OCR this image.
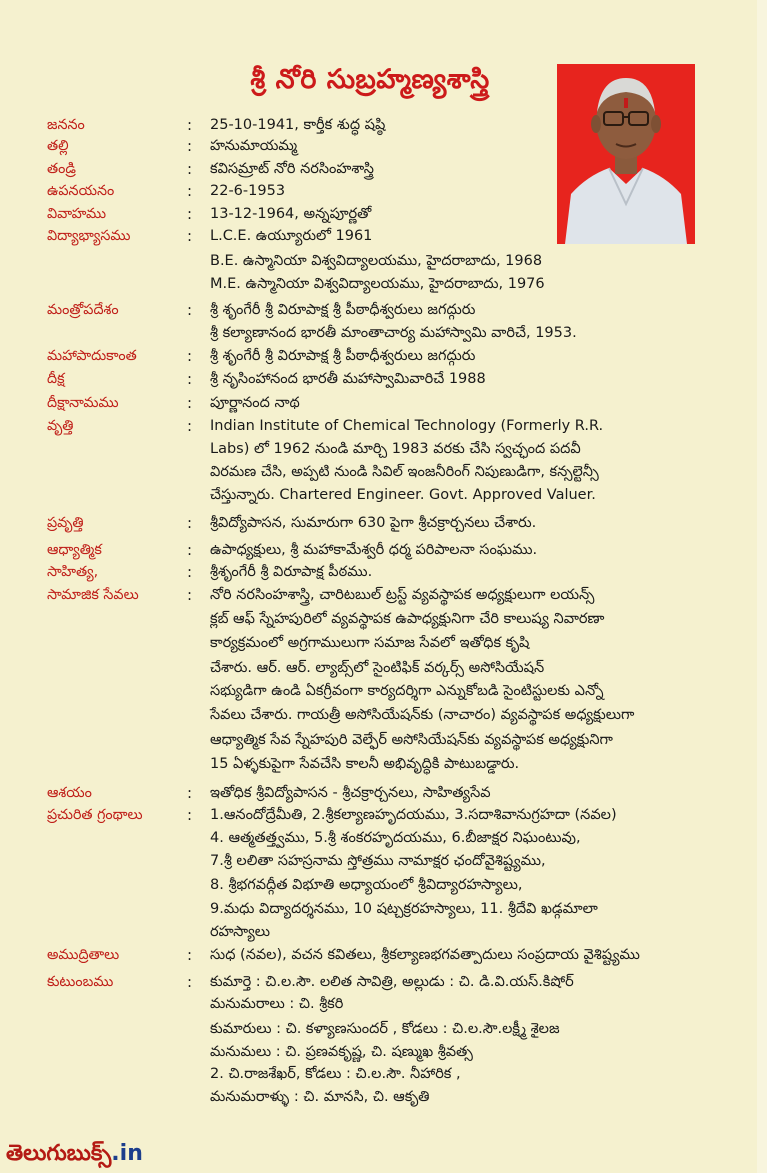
శ్రీ నోరి సుబ్రహ్మణ్యశాస్త్రి
జననం	:	25-10-1941, కార్తీక శుద్ధ షష్ఠి
తల్లి	:	హనుమాయమ్మ
తండ్రి	:	కవిసమ్రాట్ నోరి నరసింహశాస్త్రి
ఉపనయనం	:	22-6-1953
వివాహము	:	13-12-1964, అన్నపూర్ణతో
విద్యాభ్యాసము	:	L.C.E. ఉయ్యూరులో 1961
B.E. ఉస్మానియా విశ్వవిద్యాలయము, హైదరాబాదు, 1968
M.E. ఉస్మానియా విశ్వవిద్యాలయము, హైదరాబాదు, 1976
మంత్రోపదేశం	:	శ్రీ శృంగేరీ శ్రీ విరూపాక్ష శ్రీ పీఠాధీశ్వరులు జగద్గురు
శ్రీ కల్యాణానంద భారతీ మాంతాచార్య మహాస్వామి వారిచే, 1953.
మహాపాదుకాంత	:	శ్రీ శృంగేరీ శ్రీ విరూపాక్ష శ్రీ పీఠాధీశ్వరులు జగద్గురు
దీక్ష	:	శ్రీ నృసింహానంద భారతీ మహాస్వామివారిచే 1988
దీక్షానామము	:	పూర్ణానంద నాథ
వృత్తి	:	Indian Institute of Chemical Technology (Formerly R.R.
Labs) లో 1962 నుండి మార్చి 1983 వరకు చేసి స్వచ్ఛంద పదవీ
విరమణ చేసి, అప్పటి నుండి సివిల్ ఇంజనీరింగ్ నిపుణుడిగా, కన్సల్టెన్సీ
చేస్తున్నారు. Chartered Engineer. Govt. Approved Valuer.
ప్రవృత్తి	:	శ్రీవిద్యోపాసన, సుమారుగా 630 పైగా శ్రీచక్రార్చనలు చేశారు.
ఆధ్యాత్మిక	:	ఉపాధ్యక్షులు, శ్రీ మహాకామేశ్వరీ ధర్మ పరిపాలనా సంఘము.
సాహిత్య,	:	శ్రీశృంగేరీ శ్రీ విరూపాక్ష పీఠము.
సామాజిక సేవలు	:	నోరి నరసింహశాస్త్రి, చారిటబుల్ ట్రస్ట్ వ్యవస్థాపక అధ్యక్షులుగా లయన్స్
క్లబ్ ఆఫ్ స్నేహపురిలో వ్యవస్థాపక ఉపాధ్యక్షునిగా చేరి కాలుష్య నివారణా
కార్యక్రమంలో అగ్రగాములుగా సమాజ సేవలో ఇతోధిక కృషి
చేశారు. ఆర్. ఆర్. ల్యాబ్స్‌లో సైంటిఫిక్ వర్కర్స్ అసోసియేషన్
సభ్యుడిగా ఉండి ఏకగ్రీవంగా కార్యదర్శిగా ఎన్నుకోబడి సైంటిస్టులకు ఎన్నో
సేవలు చేశారు. గాయత్రీ అసోసియేషన్‌కు (నాచారం) వ్యవస్థాపక అధ్యక్షులుగా
ఆధ్యాత్మిక సేవ స్నేహపురి వెల్ఫేర్ అసోసియేషన్‌కు వ్యవస్థాపక అధ్యక్షునిగా
15 ఏళ్ళకుపైగా సేవచేసి కాలనీ అభివృద్ధికి పాటుబడ్డారు.
ఆశయం	:	ఇతోధిక శ్రీవిద్యోపాసన - శ్రీచక్రార్చనలు, సాహిత్యసేవ
ప్రచురిత గ్రంథాలు	:	1.ఆనందోద్రేమీతి, 2.శ్రీకల్యాణహృదయము, 3.సదాశివానుగ్రహదా (నవల)
4. ఆత్మతత్త్వము, 5.శ్రీ శంకరహృదయము, 6.బీజాక్షర నిఘంటువు,
7.శ్రీ లలితా సహస్రనామ స్తోత్రము నామాక్షర ఛందోవైశిష్ట్యము,
8. శ్రీభగవద్గీత విభూతి అధ్యాయంలో శ్రీవిద్యారహస్యాలు,
9.మధు విద్యాదర్శనము, 10 షట్చక్రరహస్యాలు, 11. శ్రీదేవి ఖడ్గమాలా
రహస్యాలు
అముద్రితాలు	:	సుధ (నవల), వచన కవితలు, శ్రీకల్యాణభగవత్పాదులు సంప్రదాయ వైశిష్ట్యము
కుటుంబము	:	కుమార్తె : చి.ల.సౌ. లలిత సావిత్రి, అల్లుడు : చి. డి.వి.యస్.కిషోర్
మనుమరాలు : చి. శ్రీకరి
కుమారులు : చి. కళ్యాణసుందర్ , కోడలు : చి.ల.సౌ.లక్ష్మీ శైలజ
మనుమలు : చి. ప్రణవకృష్ణ, చి. షణ్ముఖ శ్రీవత్స
2. చి.రాజశేఖర్, కోడలు : చి.ల.సౌ. నీహారిక ,
మనుమరాళ్ళు : చి. మానసి, చి. ఆకృతి
తెలుగుబుక్స్.in
